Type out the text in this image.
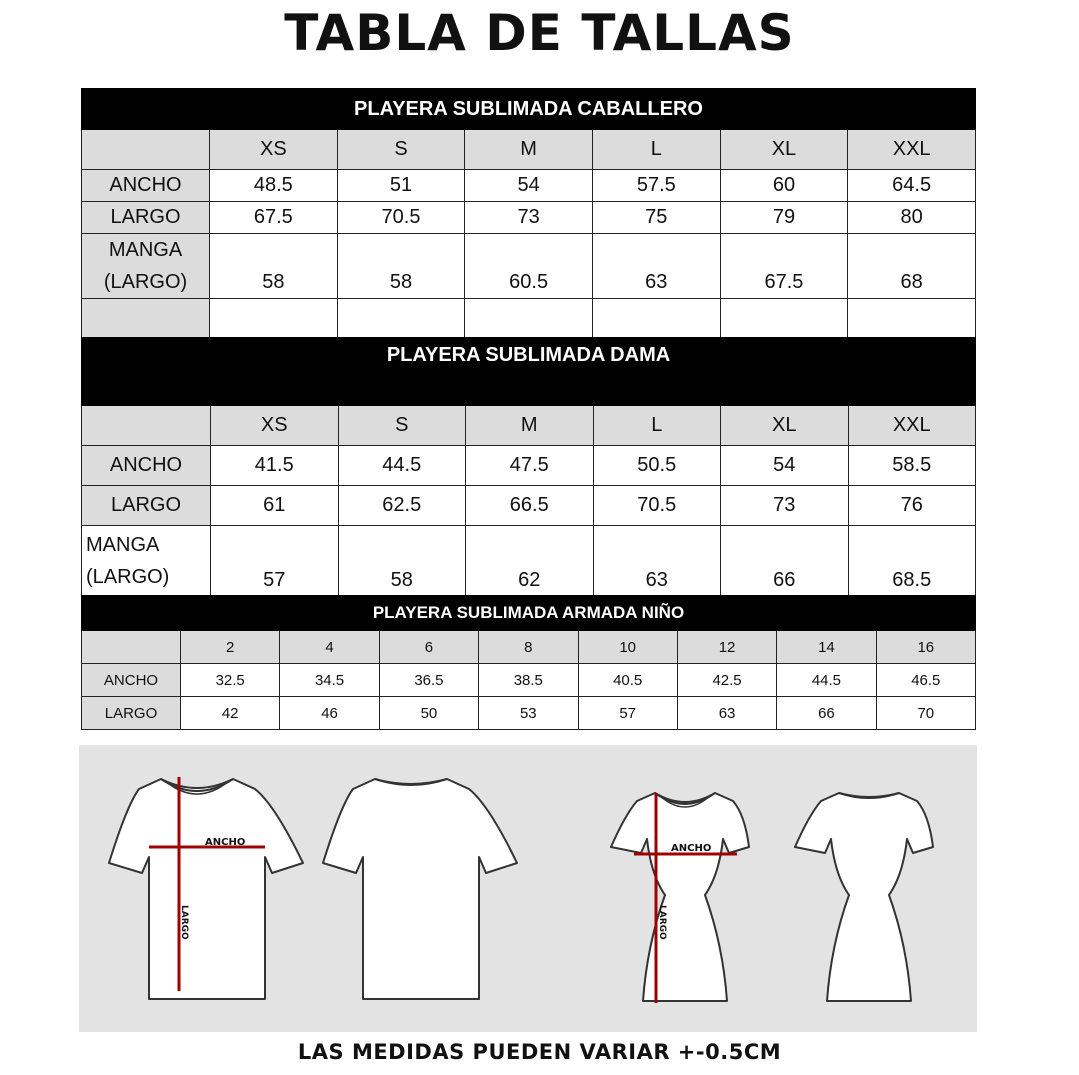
TABLA DE TALLAS
PLAYERA SUBLIMADA CABALLERO						
	XS	S	M	L	XL	XXL
ANCHO	48.5	51	54	57.5	60	64.5
LARGO	67.5	70.5	73	75	79	80

MANGA
(LARGO)	58	58	60.5	63	67.5	68

PLAYERA SUBLIMADA DAMA						
	XS	S	M	L	XL	XXL
ANCHO	41.5	44.5	47.5	50.5	54	58.5
LARGO	61	62.5	66.5	70.5	73	76

MANGA
(LARGO)	57	58	62	63	66	68.5
PLAYERA SUBLIMADA ARMADA NIÑO								
	2	4	6	8	10	12	14	16
ANCHO	32.5	34.5	36.5	38.5	40.5	42.5	44.5	46.5
LARGO	42	46	50	53	57	63	66	70
ANCHO
LARGO
ANCHO
LARGO
LAS MEDIDAS PUEDEN VARIAR +-0.5CM
